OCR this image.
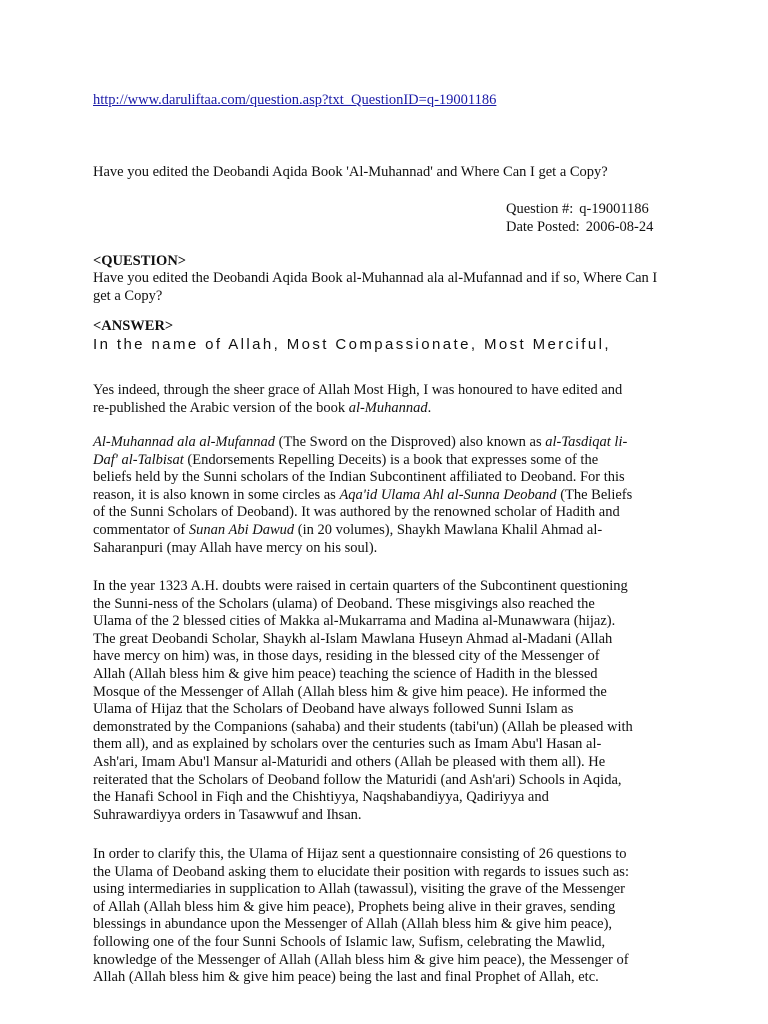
http://www.daruliftaa.com/question.asp?txt_QuestionID=q-19001186
Have you edited the Deobandi Aqida Book 'Al-Muhannad' and Where Can I get a Copy?
Question #: q-19001186
Date Posted: 2006-08-24
<QUESTION>
Have you edited the Deobandi Aqida Book al-Muhannad ala al-Mufannad and if so, Where Can I get a Copy?
<ANSWER>
In the name of Allah, Most Compassionate, Most Merciful,
Yes indeed, through the sheer grace of Allah Most High, I was honoured to have edited and
re-published the Arabic version of the book al-Muhannad.
Al-Muhannad ala al-Mufannad (The Sword on the Disproved) also known as al-Tasdiqat li-
Daf' al-Talbisat (Endorsements Repelling Deceits) is a book that expresses some of the
beliefs held by the Sunni scholars of the Indian Subcontinent affiliated to Deoband. For this
reason, it is also known in some circles as Aqa'id Ulama Ahl al-Sunna Deoband (The Beliefs
of the Sunni Scholars of Deoband). It was authored by the renowned scholar of Hadith and
commentator of Sunan Abi Dawud (in 20 volumes), Shaykh Mawlana Khalil Ahmad al-
Saharanpuri (may Allah have mercy on his soul).
In the year 1323 A.H. doubts were raised in certain quarters of the Subcontinent questioning
the Sunni-ness of the Scholars (ulama) of Deoband. These misgivings also reached the
Ulama of the 2 blessed cities of Makka al-Mukarrama and Madina al-Munawwara (hijaz).
The great Deobandi Scholar, Shaykh al-Islam Mawlana Huseyn Ahmad al-Madani (Allah
have mercy on him) was, in those days, residing in the blessed city of the Messenger of
Allah (Allah bless him & give him peace) teaching the science of Hadith in the blessed
Mosque of the Messenger of Allah (Allah bless him & give him peace). He informed the
Ulama of Hijaz that the Scholars of Deoband have always followed Sunni Islam as
demonstrated by the Companions (sahaba) and their students (tabi'un) (Allah be pleased with
them all), and as explained by scholars over the centuries such as Imam Abu'l Hasan al-
Ash'ari, Imam Abu'l Mansur al-Maturidi and others (Allah be pleased with them all). He
reiterated that the Scholars of Deoband follow the Maturidi (and Ash'ari) Schools in Aqida,
the Hanafi School in Fiqh and the Chishtiyya, Naqshabandiyya, Qadiriyya and
Suhrawardiyya orders in Tasawwuf and Ihsan.
In order to clarify this, the Ulama of Hijaz sent a questionnaire consisting of 26 questions to
the Ulama of Deoband asking them to elucidate their position with regards to issues such as:
using intermediaries in supplication to Allah (tawassul), visiting the grave of the Messenger
of Allah (Allah bless him & give him peace), Prophets being alive in their graves, sending
blessings in abundance upon the Messenger of Allah (Allah bless him & give him peace),
following one of the four Sunni Schools of Islamic law, Sufism, celebrating the Mawlid,
knowledge of the Messenger of Allah (Allah bless him & give him peace), the Messenger of
Allah (Allah bless him & give him peace) being the last and final Prophet of Allah, etc.
